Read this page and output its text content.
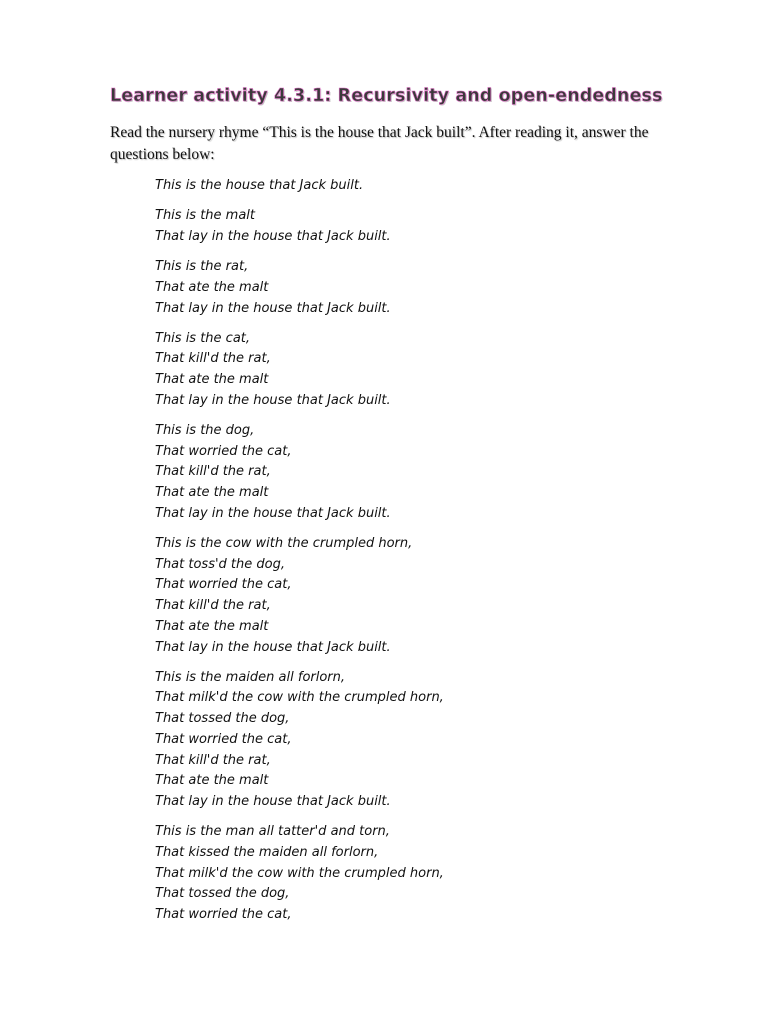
Learner activity 4.3.1: Recursivity and open-endedness

Read the nursery rhyme “This is the house that Jack built”. After reading it, answer the questions below:

This is the house that Jack built.
This is the malt
That lay in the house that Jack built.
This is the rat,
That ate the malt
That lay in the house that Jack built.
This is the cat,
That kill'd the rat,
That ate the malt
That lay in the house that Jack built.
This is the dog,
That worried the cat,
That kill'd the rat,
That ate the malt
That lay in the house that Jack built.
This is the cow with the crumpled horn,
That toss'd the dog,
That worried the cat,
That kill'd the rat,
That ate the malt
That lay in the house that Jack built.
This is the maiden all forlorn,
That milk'd the cow with the crumpled horn,
That tossed the dog,
That worried the cat,
That kill'd the rat,
That ate the malt
That lay in the house that Jack built.
This is the man all tatter'd and torn,
That kissed the maiden all forlorn,
That milk'd the cow with the crumpled horn,
That tossed the dog,
That worried the cat,
